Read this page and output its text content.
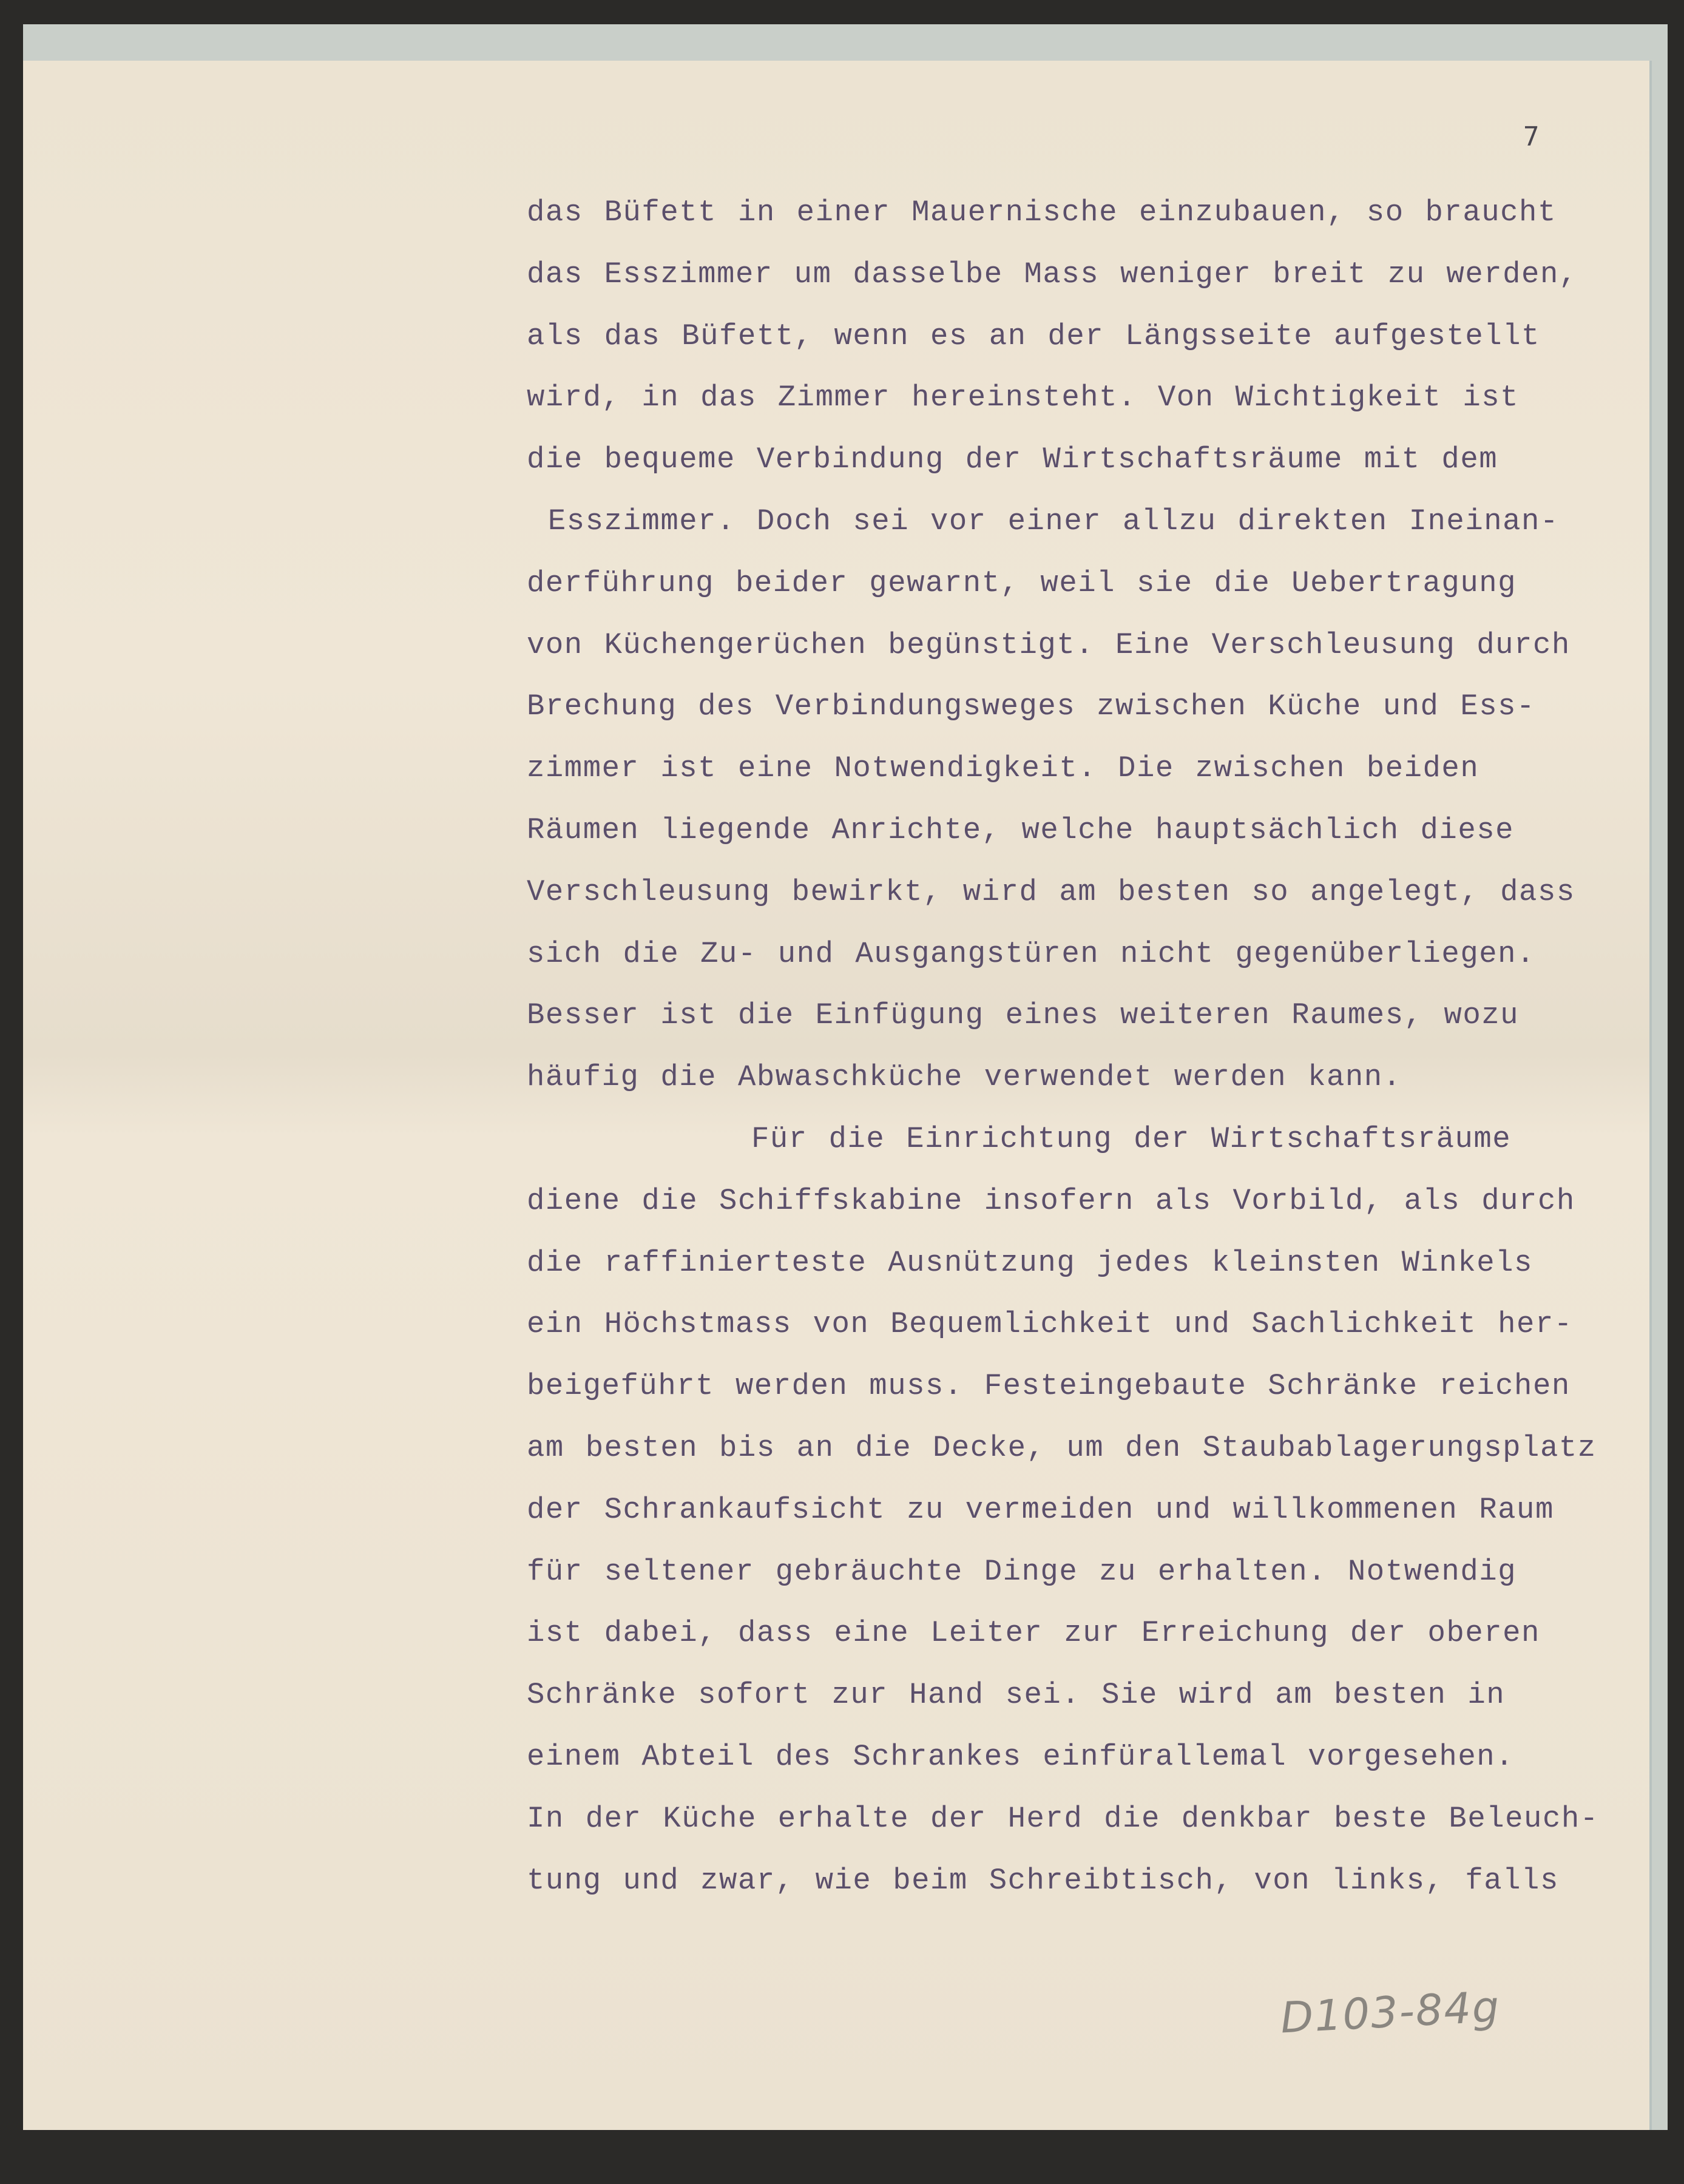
7
das Büfett in einer Mauernische einzubauen, so braucht
das Esszimmer um dasselbe Mass weniger breit zu werden,
als das Büfett, wenn es an der Längsseite aufgestellt
wird, in das Zimmer hereinsteht. Von Wichtigkeit ist
die bequeme Verbindung der Wirtschaftsräume mit dem
Esszimmer. Doch sei vor einer allzu direkten Ineinan-
derführung beider gewarnt, weil sie die Uebertragung
von Küchengerüchen begünstigt. Eine Verschleusung durch
Brechung des Verbindungsweges zwischen Küche und Ess-
zimmer ist eine Notwendigkeit. Die zwischen beiden
Räumen liegende Anrichte, welche hauptsächlich diese
Verschleusung bewirkt, wird am besten so angelegt, dass
sich die Zu- und Ausgangstüren nicht gegenüberliegen.
Besser ist die Einfügung eines weiteren Raumes, wozu
häufig die Abwaschküche verwendet werden kann.
Für die Einrichtung der Wirtschaftsräume
diene die Schiffskabine insofern als Vorbild, als durch
die raffinierteste Ausnützung jedes kleinsten Winkels
ein Höchstmass von Bequemlichkeit und Sachlichkeit her-
beigeführt werden muss. Festeingebaute Schränke reichen
am besten bis an die Decke, um den Staubablagerungsplatz
der Schrankaufsicht zu vermeiden und willkommenen Raum
für seltener gebräuchte Dinge zu erhalten. Notwendig
ist dabei, dass eine Leiter zur Erreichung der oberen
Schränke sofort zur Hand sei. Sie wird am besten in
einem Abteil des Schrankes einfürallemal vorgesehen.
In der Küche erhalte der Herd die denkbar beste Beleuch-
tung und zwar, wie beim Schreibtisch, von links, falls
D103-84g
